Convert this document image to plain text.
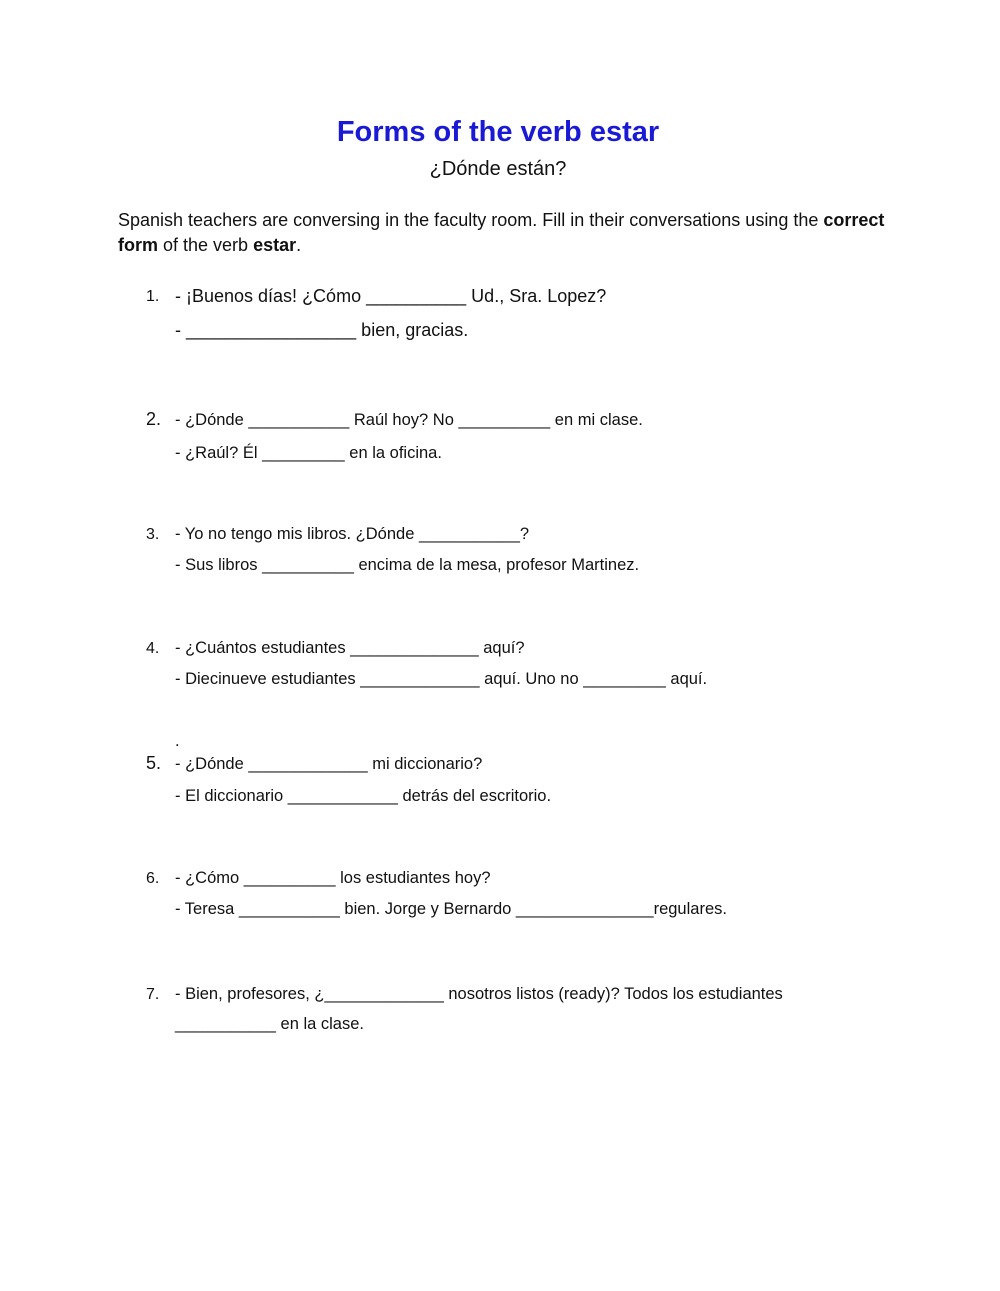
Forms of the verb estar
¿Dónde están?
Spanish teachers are conversing in the faculty room. Fill in their conversations using the correct form of the verb estar.
1. - ¡Buenos días! ¿Cómo __________ Ud., Sra. Lopez?
- _________________ bien, gracias.
2. - ¿Dónde ___________ Raúl hoy? No __________ en mi clase.
- ¿Raúl? Él _________ en la oficina.
3. - Yo no tengo mis libros. ¿Dónde ___________?
- Sus libros __________ encima de la mesa, profesor Martinez.
4. - ¿Cuántos estudiantes ______________ aquí?
- Diecinueve estudiantes _____________ aquí. Uno no _________ aquí.
.
5. - ¿Dónde _____________ mi diccionario?
- El diccionario ____________ detrás del escritorio.
6. - ¿Cómo __________ los estudiantes hoy?
- Teresa ___________ bien. Jorge y Bernardo _______________regulares.
7. - Bien, profesores, ¿_____________ nosotros listos (ready)? Todos los estudiantes
___________ en la clase.
